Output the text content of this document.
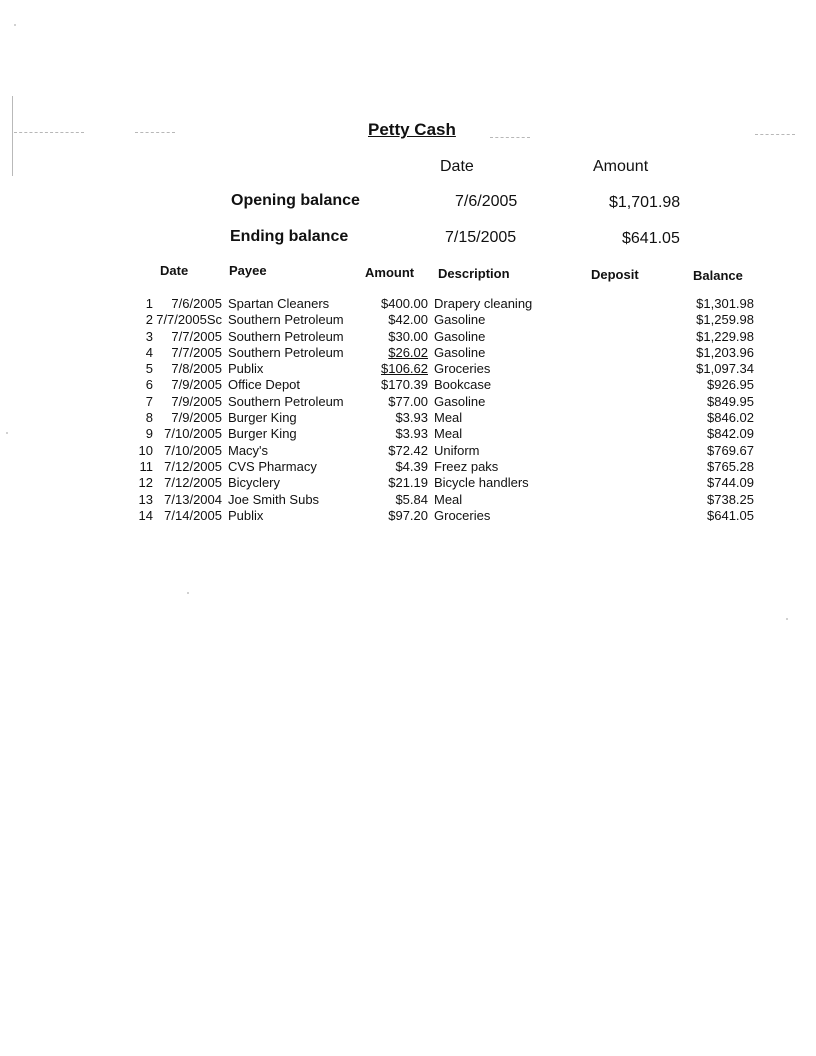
Petty Cash
Date	Amount
Opening balance	7/6/2005	$1,701.98
Ending balance	7/15/2005	$641.05
Date	Payee	Amount Description	Deposit	Balance
1	7/6/2005 Spartan Cleaners	$400.00 Drapery cleaning	$1,301.98
2 7/7/2005Sc Southern Petroleum	$42.00 Gasoline	$1,259.98
3	7/7/2005 Southern Petroleum	$30.00 Gasoline	$1,229.98
4	7/7/2005 Southern Petroleum	$26.02 Gasoline	$1,203.96
5	7/8/2005 Publix	$106.62 Groceries	$1,097.34
6	7/9/2005 Office Depot	$170.39 Bookcase	$926.95
7	7/9/2005 Southern Petroleum	$77.00 Gasoline	$849.95
8	7/9/2005 Burger King	$3.93 Meal	$846.02
9 7/10/2005 Burger King	$3.93 Meal	$842.09
10 7/10/2005 Macy's	$72.42 Uniform	$769.67
11 7/12/2005 CVS Pharmacy	$4.39 Freez paks	$765.28
12 7/12/2005 Bicyclery	$21.19 Bicycle handlers	$744.09
13 7/13/2004 Joe Smith Subs	$5.84 Meal	$738.25
14 7/14/2005 Publix	$97.20 Groceries	$641.05
